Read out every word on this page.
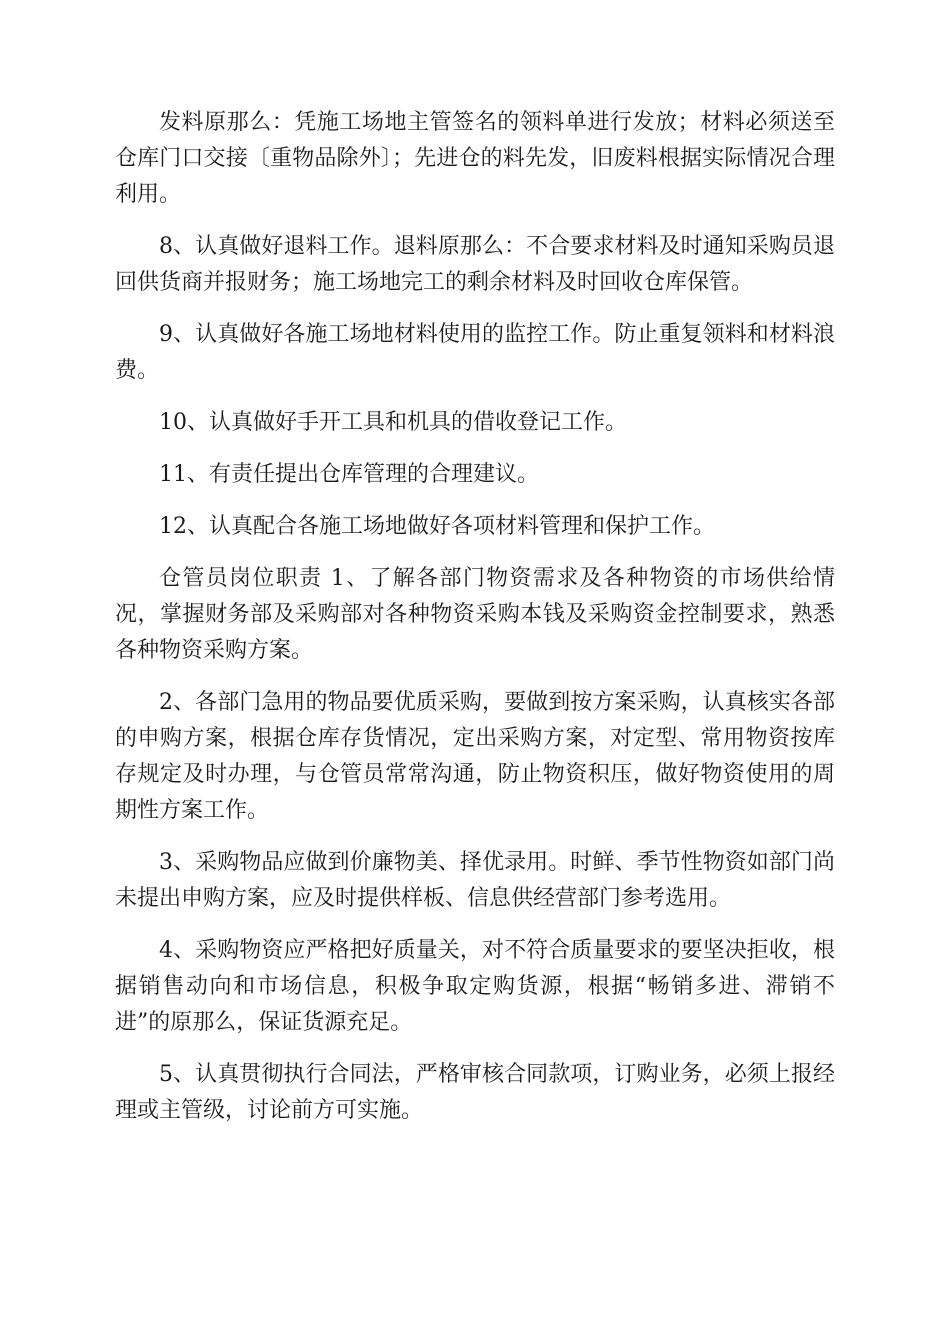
发料原那么：凭施工场地主管签名的领料单进行发放；材料必须送至仓库门口交接〔重物品除外〕；先进仓的料先发，旧废料根据实际情况合理利用。

8、认真做好退料工作。退料原那么：不合要求材料及时通知采购员退回供货商并报财务；施工场地完工的剩余材料及时回收仓库保管。

9、认真做好各施工场地材料使用的监控工作。防止重复领料和材料浪费。

10、认真做好手开工具和机具的借收登记工作。

11、有责任提出仓库管理的合理建议。

12、认真配合各施工场地做好各项材料管理和保护工作。

仓管员岗位职责 1、了解各部门物资需求及各种物资的市场供给情况，掌握财务部及采购部对各种物资采购本钱及采购资金控制要求，熟悉各种物资采购方案。

2、各部门急用的物品要优质采购，要做到按方案采购，认真核实各部的申购方案，根据仓库存货情况，定出采购方案，对定型、常用物资按库存规定及时办理，与仓管员常常沟通，防止物资积压，做好物资使用的周期性方案工作。

3、采购物品应做到价廉物美、择优录用。时鲜、季节性物资如部门尚未提出申购方案，应及时提供样板、信息供经营部门参考选用。

4、采购物资应严格把好质量关，对不符合质量要求的要坚决拒收，根据销售动向和市场信息，积极争取定购货源，根据“畅销多进、滞销不进”的原那么，保证货源充足。

5、认真贯彻执行合同法，严格审核合同款项，订购业务，必须上报经理或主管级，讨论前方可实施。
